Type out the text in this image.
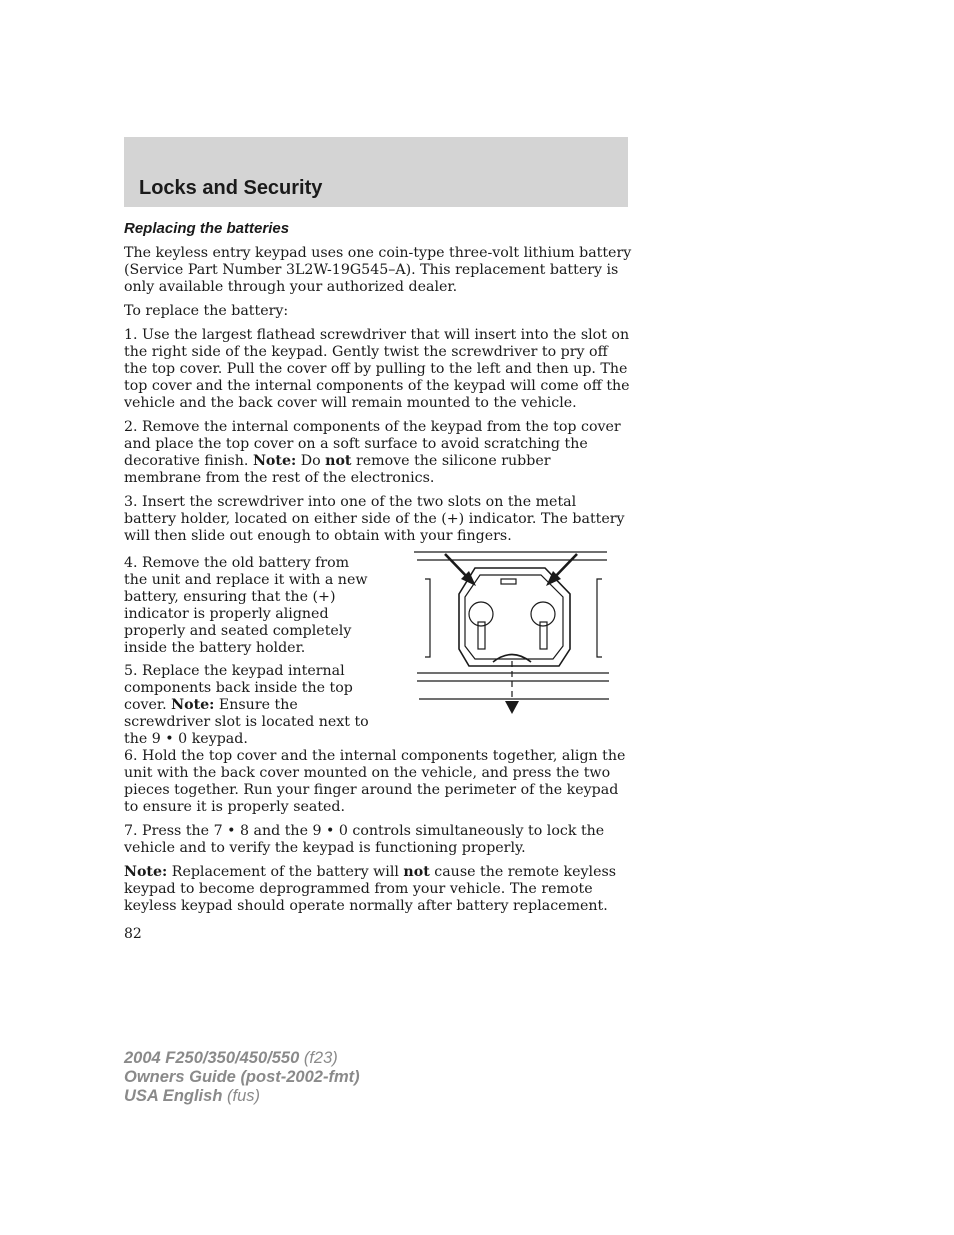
Locks and Security
Replacing the batteries

The keyless entry keypad uses one coin-type three-volt lithium battery (Service Part Number 3L2W-19G545–A). This replacement battery is only available through your authorized dealer.

To replace the battery:

1. Use the largest flathead screwdriver that will insert into the slot on the right side of the keypad. Gently twist the screwdriver to pry off the top cover. Pull the cover off by pulling to the left and then up. The top cover and the internal components of the keypad will come off the vehicle and the back cover will remain mounted to the vehicle.

2. Remove the internal components of the keypad from the top cover and place the top cover on a soft surface to avoid scratching the decorative finish. Note: Do not remove the silicone rubber membrane from the rest of the electronics.

3. Insert the screwdriver into one of the two slots on the metal battery holder, located on either side of the (+) indicator. The battery will then slide out enough to obtain with your fingers.

4. Remove the old battery from the unit and replace it with a new battery, ensuring that the (+) indicator is properly aligned properly and seated completely inside the battery holder.

5. Replace the keypad internal components back inside the top cover. Note: Ensure the screwdriver slot is located next to the 9 • 0 keypad.

6. Hold the top cover and the internal components together, align the unit with the back cover mounted on the vehicle, and press the two pieces together. Run your finger around the perimeter of the keypad to ensure it is properly seated.

7. Press the 7 • 8 and the 9 • 0 controls simultaneously to lock the vehicle and to verify the keypad is functioning properly.

Note: Replacement of the battery will not cause the remote keyless keypad to become deprogrammed from your vehicle. The remote keyless keypad should operate normally after battery replacement.

82
2004 F250/350/450/550 (f23)
Owners Guide (post-2002-fmt)
USA English (fus)
